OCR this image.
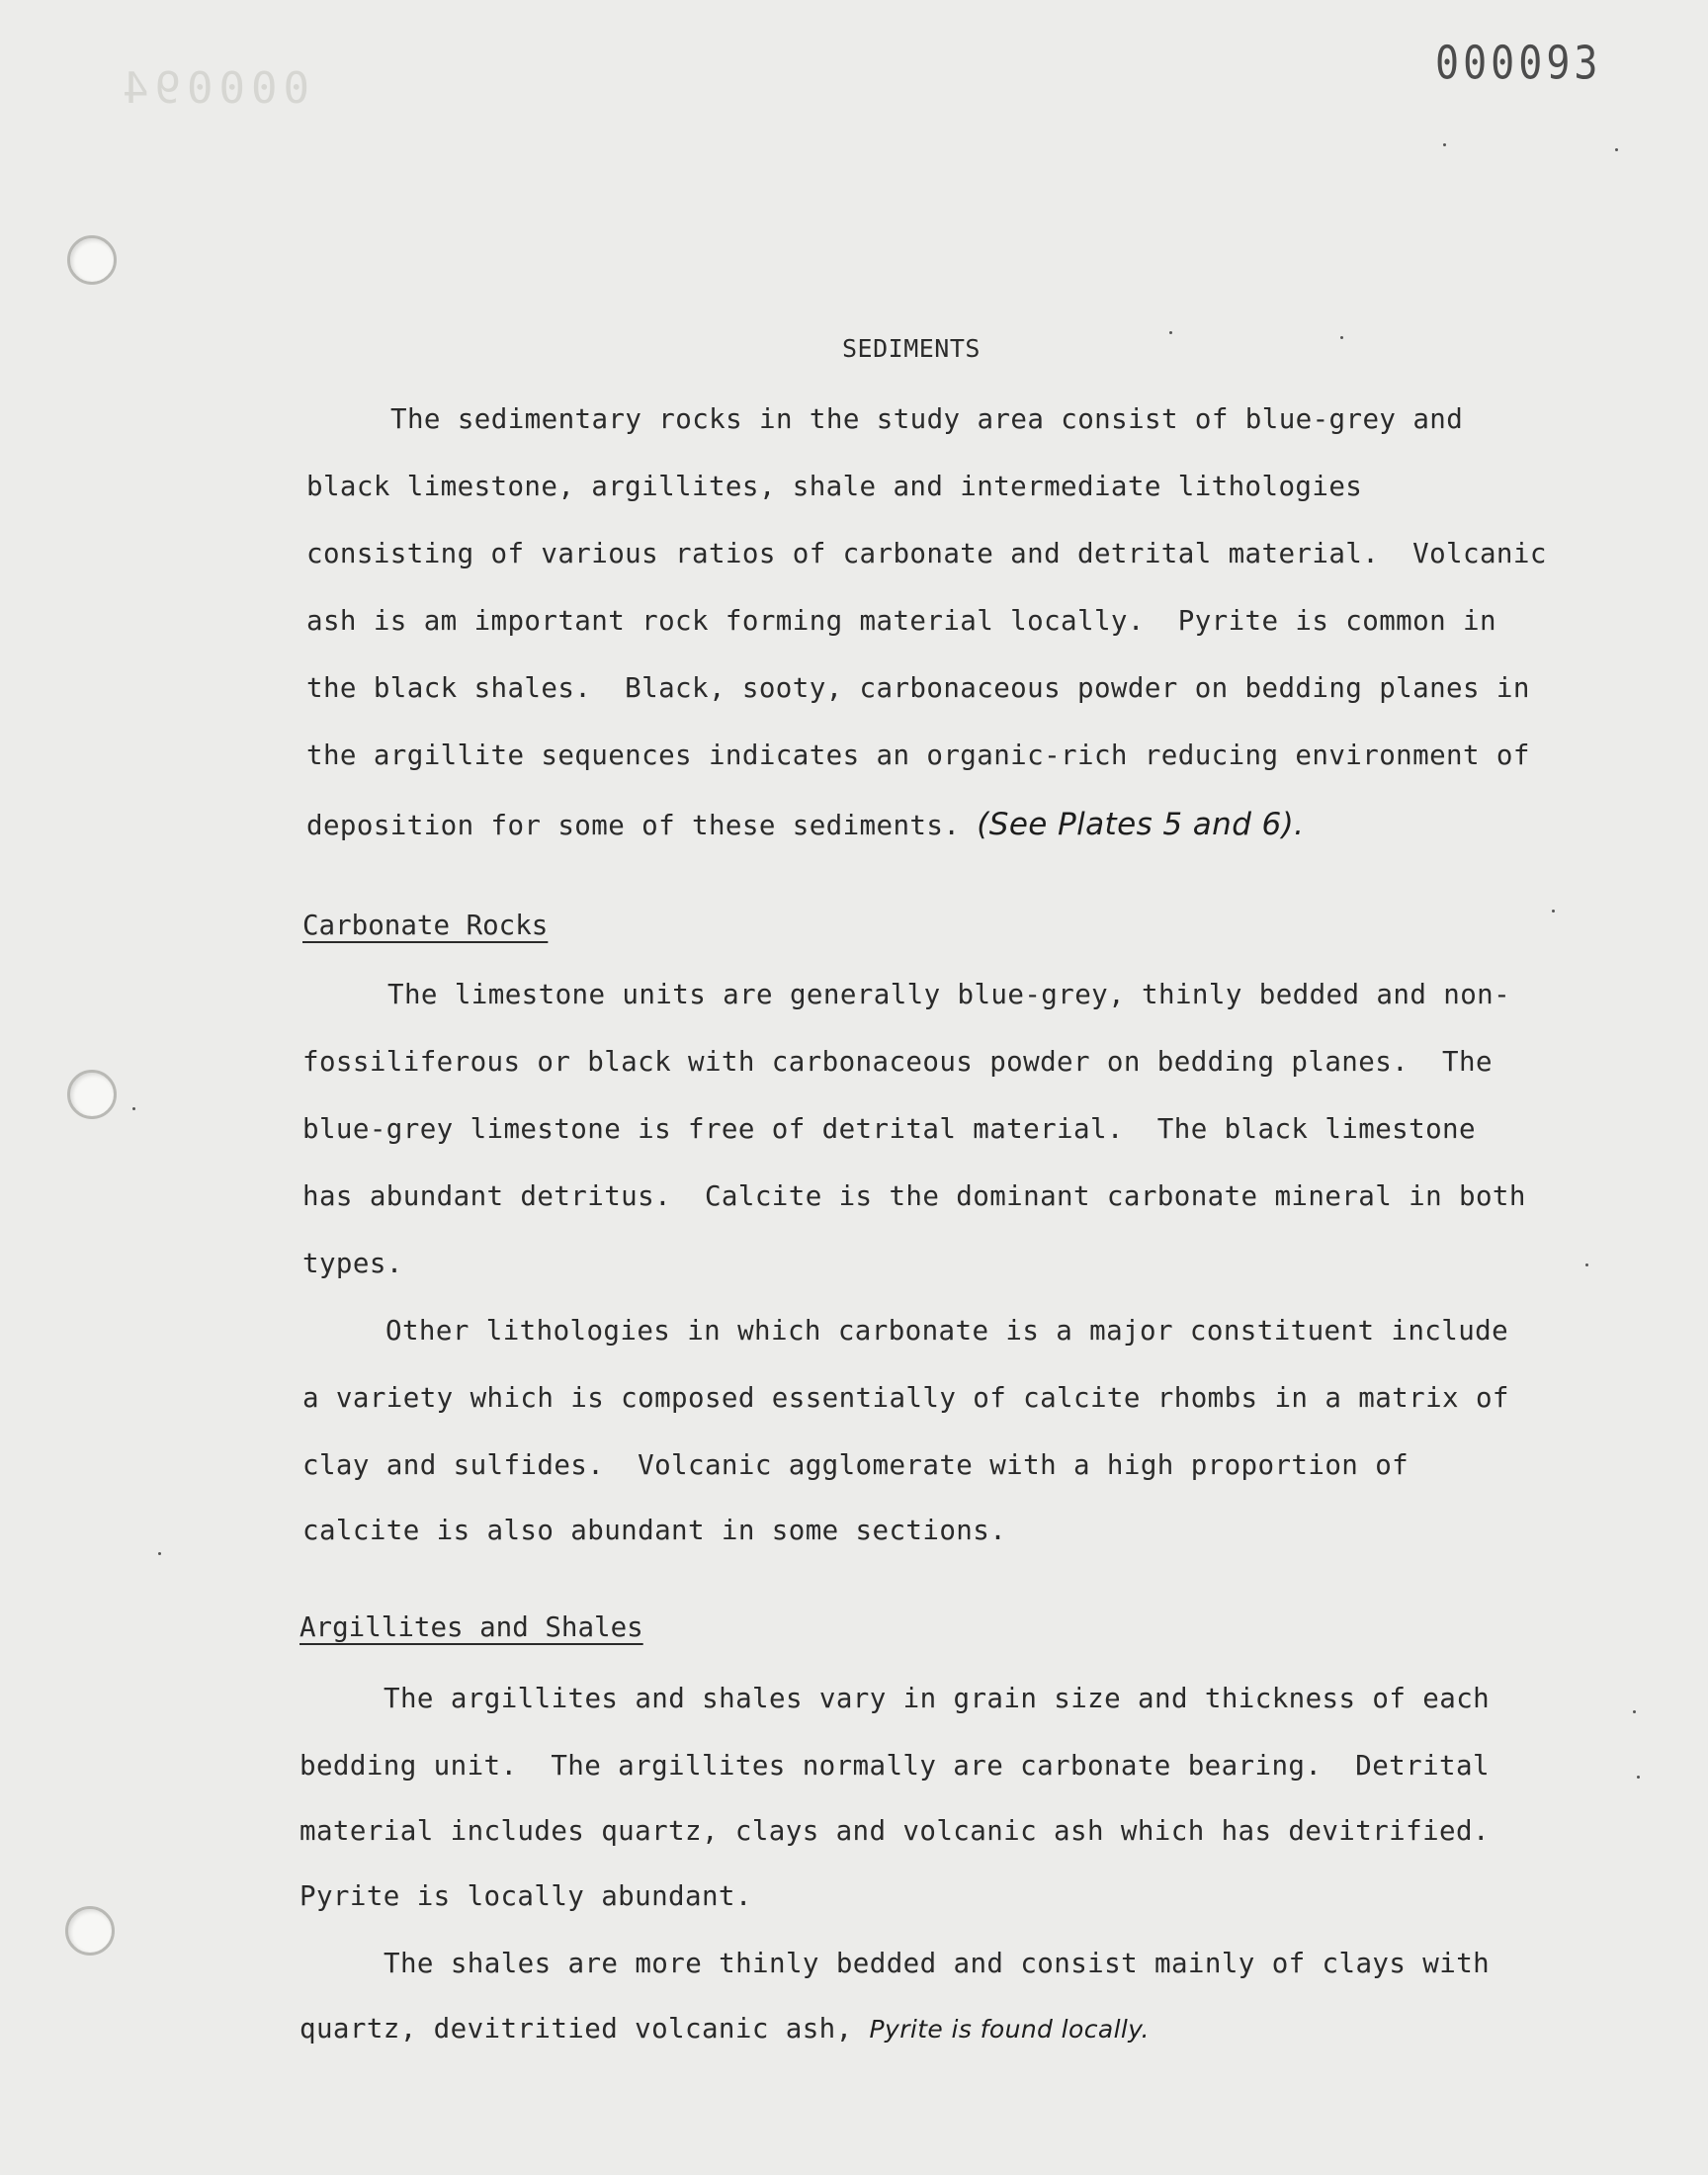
000094	000093
SEDIMENTS
The sedimentary rocks in the study area consist of blue-grey and
black limestone, argillites, shale and intermediate lithologies
consisting of various ratios of carbonate and detrital material.  Volcanic
ash is am important rock forming material locally.  Pyrite is common in
the black shales.  Black, sooty, carbonaceous powder on bedding planes in
the argillite sequences indicates an organic-rich reducing environment of
deposition for some of these sediments. (See Plates 5 and 6).
Carbonate Rocks
The limestone units are generally blue-grey, thinly bedded and non-
fossiliferous or black with carbonaceous powder on bedding planes.  The
blue-grey limestone is free of detrital material.  The black limestone
has abundant detritus.  Calcite is the dominant carbonate mineral in both
types.
Other lithologies in which carbonate is a major constituent include
a variety which is composed essentially of calcite rhombs in a matrix of
clay and sulfides.  Volcanic agglomerate with a high proportion of
calcite is also abundant in some sections.
Argillites and Shales
The argillites and shales vary in grain size and thickness of each
bedding unit.  The argillites normally are carbonate bearing.  Detrital
material includes quartz, clays and volcanic ash which has devitrified.
Pyrite is locally abundant.
The shales are more thinly bedded and consist mainly of clays with
quartz, devitritied volcanic ash, Pyrite is found locally.
